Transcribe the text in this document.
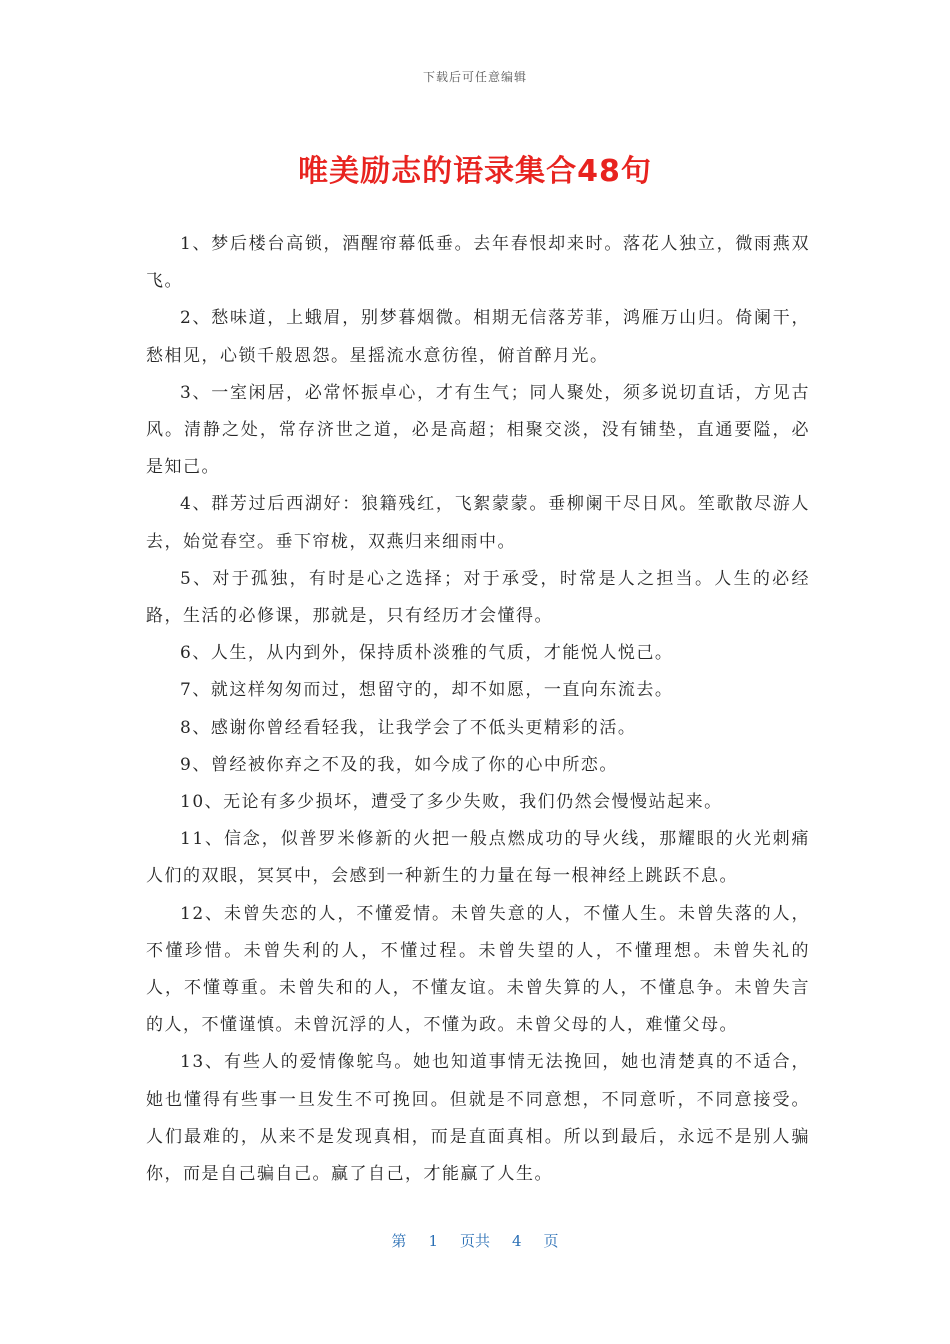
下载后可任意编辑
唯美励志的语录集合48句

1、梦后楼台高锁，酒醒帘幕低垂。去年春恨却来时。落花人独立，微雨燕双飞。

2、愁味道，上蛾眉，别梦暮烟微。相期无信落芳菲，鸿雁万山归。倚阑干，愁相见，心锁千般恩怨。星摇流水意彷徨，俯首醉月光。

3、一室闲居，必常怀振卓心，才有生气；同人聚处，须多说切直话，方见古风。清静之处，常存济世之道，必是高超；相聚交淡，没有铺垫，直通要隘，必是知己。

4、群芳过后西湖好：狼籍残红，飞絮蒙蒙。垂柳阑干尽日风。笙歌散尽游人去，始觉春空。垂下帘栊，双燕归来细雨中。

5、对于孤独，有时是心之选择；对于承受，时常是人之担当。人生的必经路，生活的必修课，那就是，只有经历才会懂得。

6、人生，从内到外，保持质朴淡雅的气质，才能悦人悦己。

7、就这样匆匆而过，想留守的，却不如愿，一直向东流去。

8、感谢你曾经看轻我，让我学会了不低头更精彩的活。

9、曾经被你弃之不及的我，如今成了你的心中所恋。

10、无论有多少损坏，遭受了多少失败，我们仍然会慢慢站起来。

11、信念，似普罗米修新的火把一般点燃成功的导火线，那耀眼的火光刺痛人们的双眼，冥冥中，会感到一种新生的力量在每一根神经上跳跃不息。

12、未曾失恋的人，不懂爱情。未曾失意的人，不懂人生。未曾失落的人，不懂珍惜。未曾失利的人，不懂过程。未曾失望的人，不懂理想。未曾失礼的人，不懂尊重。未曾失和的人，不懂友谊。未曾失算的人，不懂息争。未曾失言的人，不懂谨慎。未曾沉浮的人，不懂为政。未曾父母的人，难懂父母。

13、有些人的爱情像鸵鸟。她也知道事情无法挽回，她也清楚真的不适合，她也懂得有些事一旦发生不可挽回。但就是不同意想，不同意听，不同意接受。人们最难的，从来不是发现真相，而是直面真相。所以到最后，永远不是别人骗你，而是自己骗自己。赢了自己，才能赢了人生。

第 1 页共 4 页
